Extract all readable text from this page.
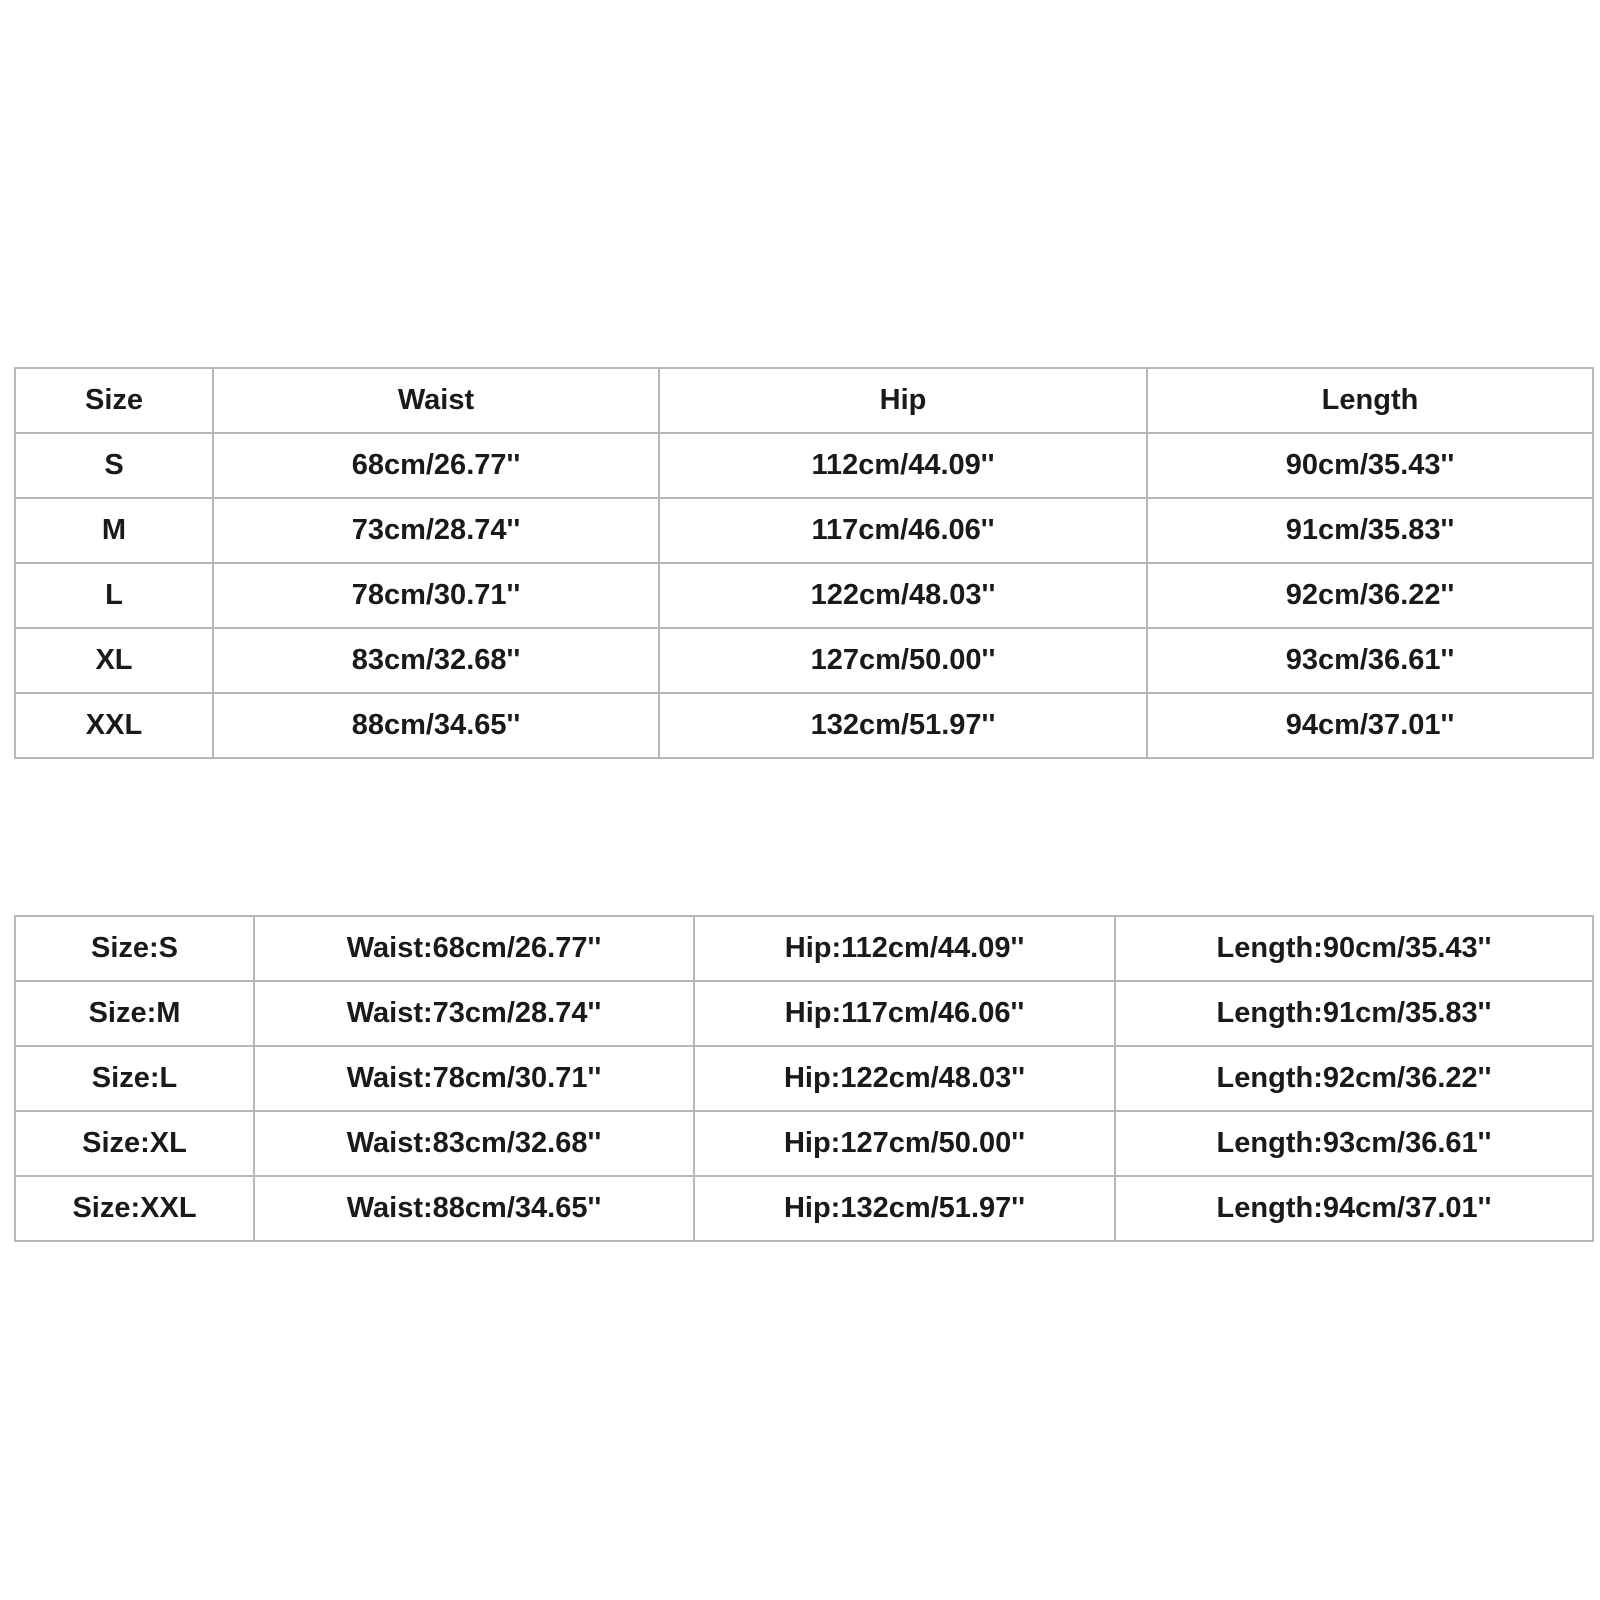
Size	Waist	Hip	Length
S	68cm/26.77''	112cm/44.09''	90cm/35.43''
M	73cm/28.74''	117cm/46.06''	91cm/35.83''
L	78cm/30.71''	122cm/48.03''	92cm/36.22''
XL	83cm/32.68''	127cm/50.00''	93cm/36.61''
XXL	88cm/34.65''	132cm/51.97''	94cm/37.01''
Size:S	Waist:68cm/26.77''	Hip:112cm/44.09''	Length:90cm/35.43''
Size:M	Waist:73cm/28.74''	Hip:117cm/46.06''	Length:91cm/35.83''
Size:L	Waist:78cm/30.71''	Hip:122cm/48.03''	Length:92cm/36.22''
Size:XL	Waist:83cm/32.68''	Hip:127cm/50.00''	Length:93cm/36.61''
Size:XXL	Waist:88cm/34.65''	Hip:132cm/51.97''	Length:94cm/37.01''
